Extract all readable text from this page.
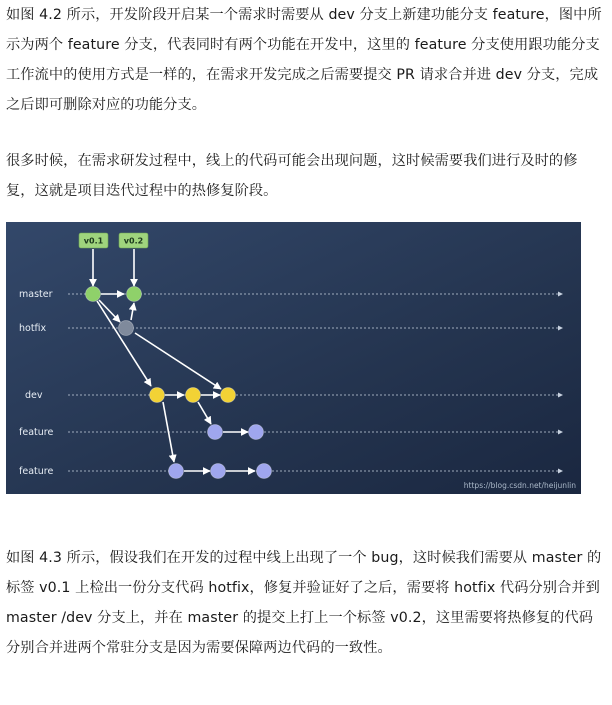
如图 4.2 所示，开发阶段开启某一个需求时需要从 dev 分支上新建功能分支 feature，图中所示为两个 feature 分支，代表同时有两个功能在开发中，这里的 feature 分支使用跟功能分支工作流中的使用方式是一样的，在需求开发完成之后需要提交 PR 请求合并进 dev 分支，完成之后即可删除对应的功能分支。

很多时候，在需求研发过程中，线上的代码可能会出现问题，这时候需要我们进行及时的修复，这就是项目迭代过程中的热修复阶段。

master
hotfix
dev
feature
feature
v0.1	v0.2
https://blog.csdn.net/heijunlin

如图 4.3 所示，假设我们在开发的过程中线上出现了一个 bug，这时候我们需要从 master 的标签 v0.1 上检出一份分支代码 hotfix，修复并验证好了之后，需要将 hotfix 代码分别合并到 master /dev 分支上，并在 master 的提交上打上一个标签 v0.2，这里需要将热修复的代码分别合并进两个常驻分支是因为需要保障两边代码的一致性。
